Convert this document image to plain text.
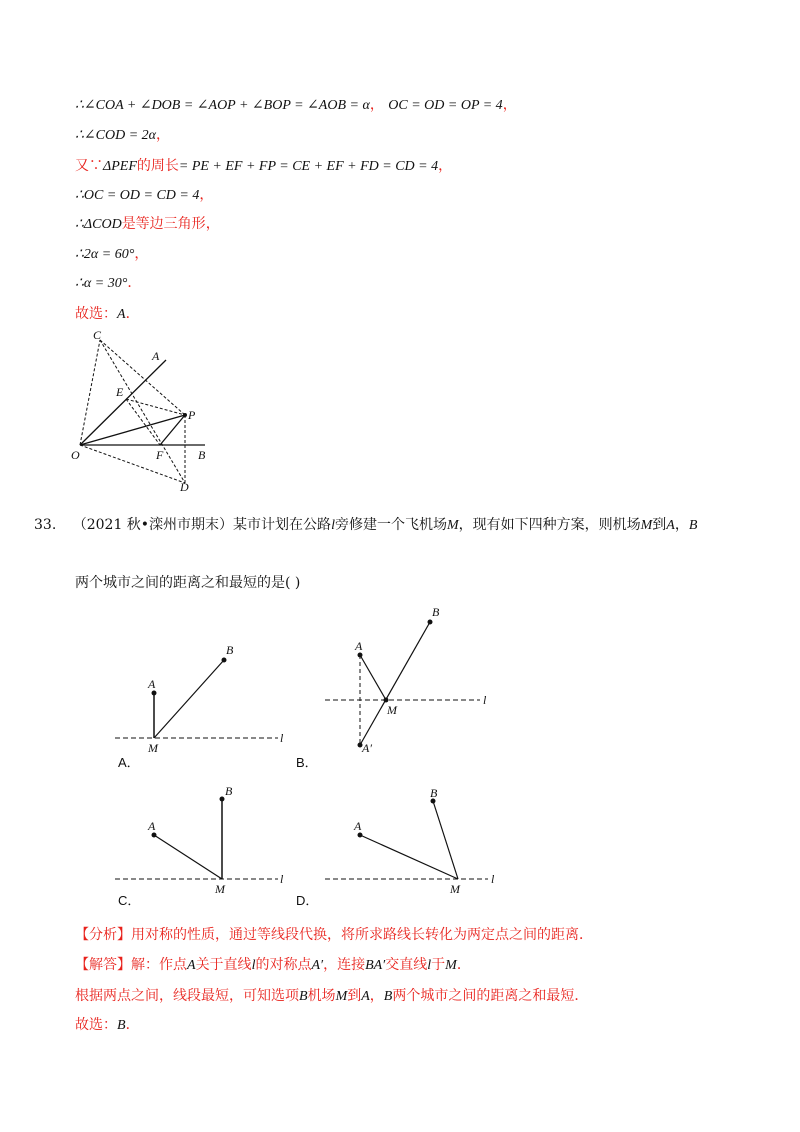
∴∠COA + ∠DOB = ∠AOP + ∠BOP = ∠AOB = α， OC = OD = OP = 4，
∴∠COD = 2α，
又∵ΔPEF的周长= PE + EF + FP = CE + EF + FD = CD = 4，
∴OC = OD = CD = 4，
∴ΔCOD是等边三角形，
∴2α = 60°，
∴α = 30°．
故选：A．
C
A
E
P
O	F	B
D
33. （2021 秋•滦州市期末）某市计划在公路l旁修建一个飞机场M，现有如下四种方案，则机场M到A，B
两个城市之间的距离之和最短的是( )
A
B
M
l
A．
A
B
M
l
A′
B．
A
B
M
l
C．
A
B
M
l
D．
【分析】用对称的性质，通过等线段代换，将所求路线长转化为两定点之间的距离．
【解答】解：作点A关于直线l的对称点A′，连接BA′交直线l于M．
根据两点之间，线段最短，可知选项B机场M到A，B两个城市之间的距离之和最短．
故选：B．
